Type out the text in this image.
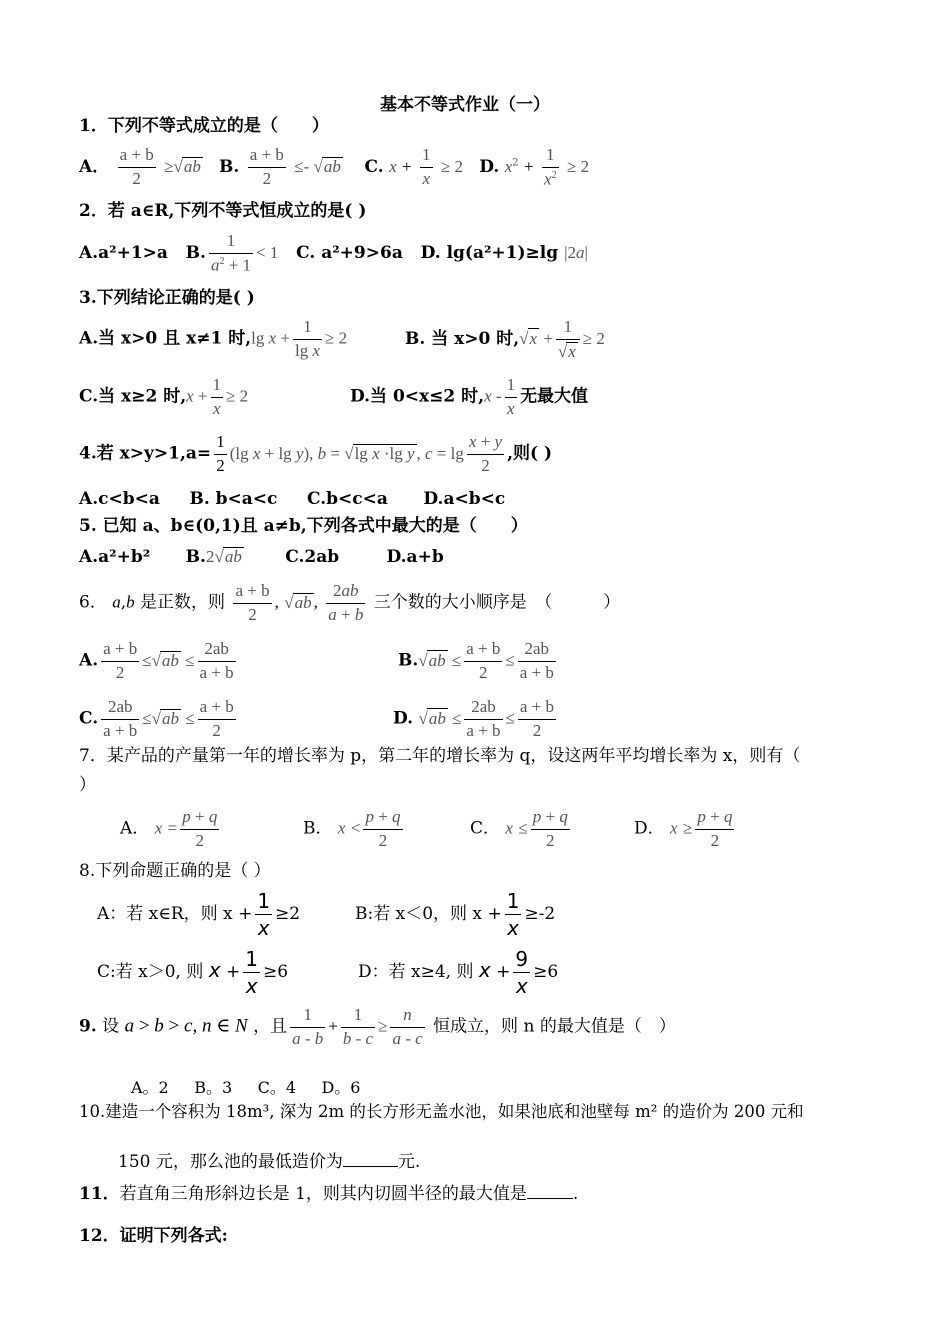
基本不等式作业（一）
1．下列不等式成立的是（　　）
A． $\frac{a + b}{2} \ge√ab$ B. $\frac{a + b}{2} \le- √ab$ C. $x + \frac{1}{x} \ge 2$ D. $x^2 + \frac{1}{x^2} \ge 2$
2．若 a∈R,下列不等式恒成立的是( )
A.a²+1>a   B. $\frac{1}{a^2 + 1} < 1$ C. a²+9>6a   D. lg(a²+1)≥lg |2a|
3.下列结论正确的是( )
A.当 x>0 且 x≠1 时,lg $x + \frac{1}{\text{lg x}} \ge 2$	B. 当 x>0 时$,√x + \frac{1}{√x} \ge 2$
C.当 x≥2 时$,x + \frac{1}{x} \ge 2$	D.当 0<x≤2 时,x - $\frac{1}{x}$ 无最大值
4.若 $x>y>1,a= \frac{1}{2} (\lg$ x + lg y), b = √lg x ·lg y , $c = \lg \frac{x + y}{2}$ ,则( )
A.c<b<a B. b<a<c C.b<c<a D.a<b<c
5. 已知 a、b∈(0,1)且 a≠b,下列各式中最大的是（　　）
A.a²+b² B.2√ab	C.2ab	D.a+b
6． a,b 是正数，则 $\frac{a + b}{2}$ , √ab , $\frac{2ab}{a + b}$ 三个数的大小顺序是　（　　　）
A. $\frac{a + b}{2} \le√ab \le \frac{2ab}{a + b}$	$B.√ab \le \frac{a + b}{2} \le \frac{2ab}{a + b}$
C. $\frac{2ab}{a + b} \le√ab \le \frac{a + b}{2}$	D. $√ab \le \frac{2ab}{a + b} \le \frac{a + b}{2}$
7．某产品的产量第一年的增长率为 p，第二年的增长率为 q，设这两年平均增长率为 x，则有（
）
A． $x = \frac{p + q}{2}$	B． $x < \frac{p + q}{2}$	C． $x \le \frac{p + q}{2}$	D． $x \ge \frac{p + q}{2}$
8.下列命题正确的是（ ）
A：若 x∈R，则 $x + \frac{1}{x} \ge 2$	B:若 x＜0，则 $x + \frac{1}{x} \ge-2$
C:若 x＞0, 则 $x + \frac{1}{x} \ge 6$	D：若 x≥4, 则 $x + \frac{9}{x} \ge 6$
9. 设 a > b > c, n ∈ N ，且 $\frac{1}{a - b} + \frac{1}{b - c} \ge \frac{n}{a - c}$ 恒成立，则 n 的最大值是（　）
A。2 B。3 C。4 D。6
10.建造一个容积为 18m³, 深为 2m 的长方形无盖水池，如果池底和池壁每 m² 的造价为 200 元和
150 元，那么池的最低造价为	元.
11．若直角三角形斜边长是 1，则其内切圆半径的最大值是	.
12．证明下列各式:
